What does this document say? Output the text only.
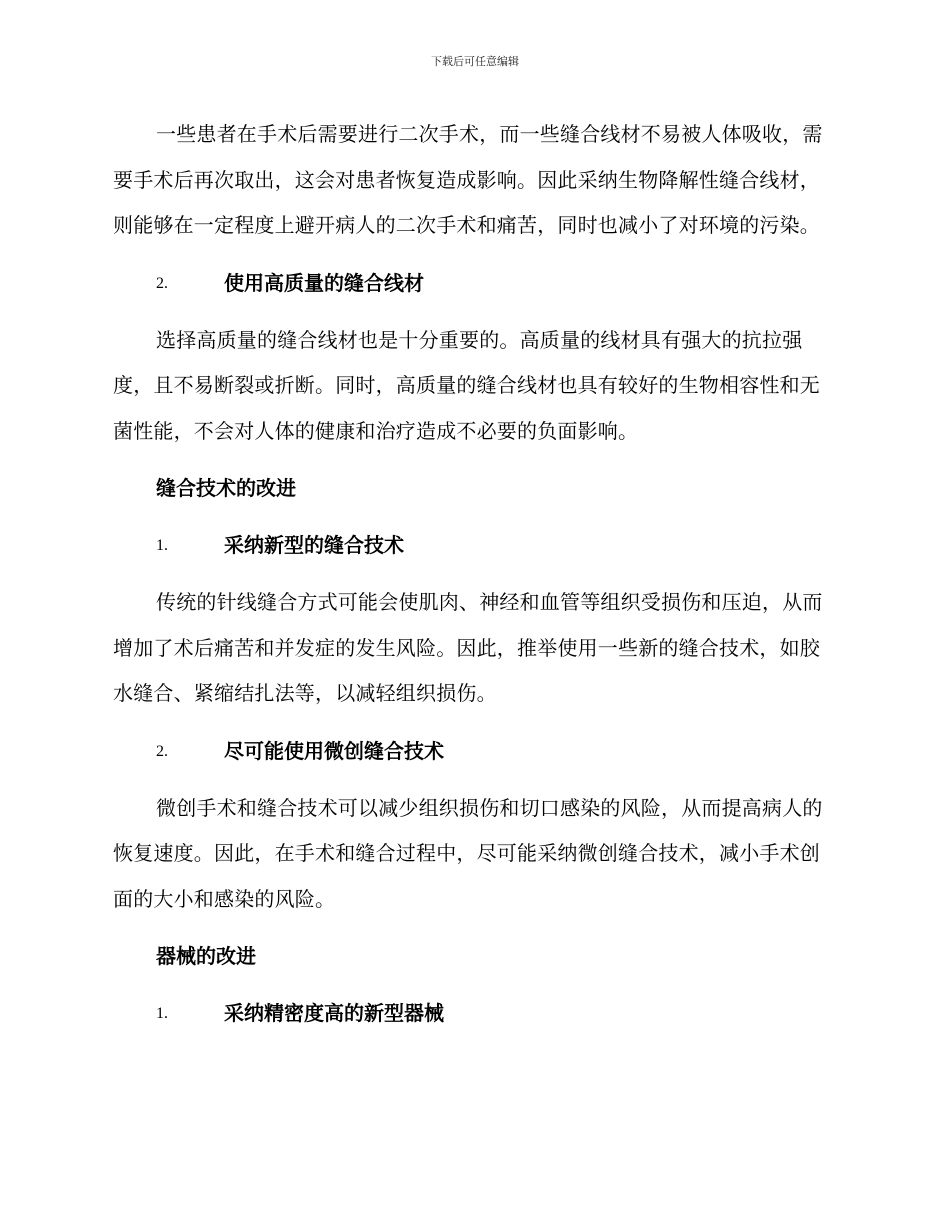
下载后可任意编辑

一些患者在手术后需要进行二次手术，而一些缝合线材不易被人体吸收，需要手术后再次取出，这会对患者恢复造成影响。因此采纳生物降解性缝合线材，则能够在一定程度上避开病人的二次手术和痛苦，同时也减小了对环境的污染。

2.	使用高质量的缝合线材

选择高质量的缝合线材也是十分重要的。高质量的线材具有强大的抗拉强度，且不易断裂或折断。同时，高质量的缝合线材也具有较好的生物相容性和无菌性能，不会对人体的健康和治疗造成不必要的负面影响。

缝合技术的改进
1.	采纳新型的缝合技术

传统的针线缝合方式可能会使肌肉、神经和血管等组织受损伤和压迫，从而增加了术后痛苦和并发症的发生风险。因此，推举使用一些新的缝合技术，如胶水缝合、紧缩结扎法等，以减轻组织损伤。

2.	尽可能使用微创缝合技术

微创手术和缝合技术可以减少组织损伤和切口感染的风险，从而提高病人的恢复速度。因此，在手术和缝合过程中，尽可能采纳微创缝合技术，减小手术创面的大小和感染的风险。

器械的改进
1.	采纳精密度高的新型器械
